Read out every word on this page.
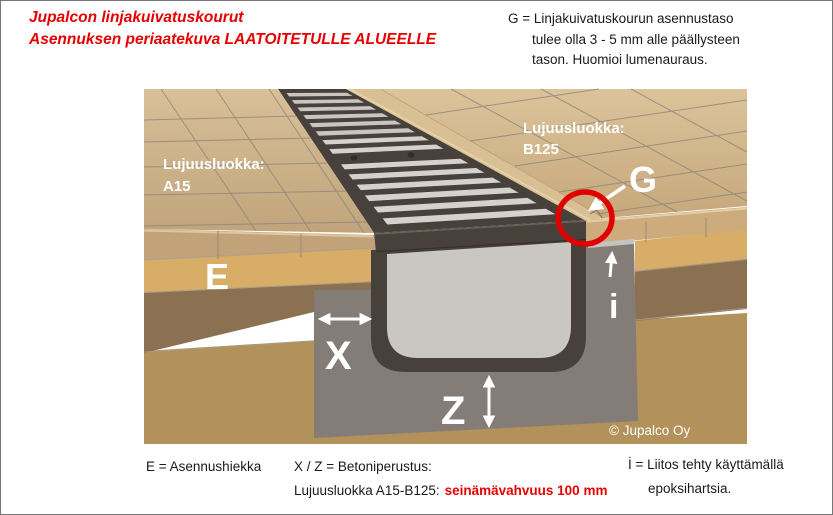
Lujuusluokka:
A15
Lujuusluokka:
B125
E
X
Z
G
i
© Jupalco Oy
Jupalcon linjakuivatuskourut
Asennuksen periaatekuva LAATOITETULLE ALUEELLE
G = Linjakuivatuskourun asennustaso
tulee olla 3 - 5 mm alle päällysteen
tason. Huomioi lumenauraus.
E = Asennushiekka X / Z = Betoniperustus:
Lujuusluokka A15-B125: seinämävahvuus 100 mm
İ = Liitos tehty käyttämällä
epoksihartsia.
